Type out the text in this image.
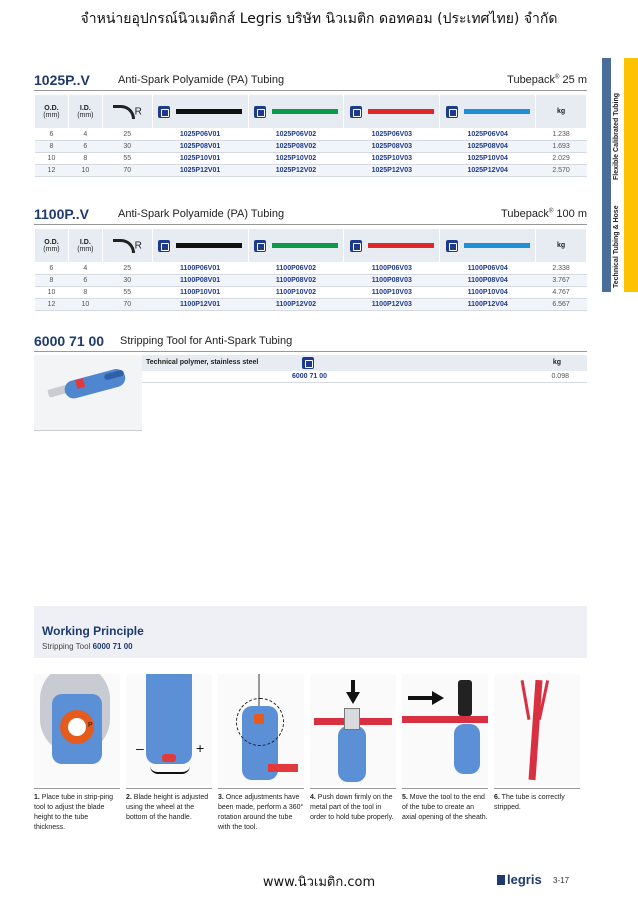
จำหน่ายอุปกรณ์นิวเมติกส์ Legris บริษัท นิวเมติก ดอทคอม (ประเทศไทย) จำกัด
Flexible Calibrated Tubing
Technical Tubing & Hose
1025P..V	Anti-Spark Polyamide (PA) Tubing	Tubepack® 25 m
O.D.
(mm)	I.D.
(mm)	R					kg

6	4	25	1025P06V01	1025P06V02	1025P06V03	1025P06V04	1.238
8	6	30	1025P08V01	1025P08V02	1025P08V03	1025P08V04	1.693
10	8	55	1025P10V01	1025P10V02	1025P10V03	1025P10V04	2.029
12	10	70	1025P12V01	1025P12V02	1025P12V03	1025P12V04	2.570
1100P..V	Anti-Spark Polyamide (PA) Tubing	Tubepack® 100 m
O.D.
(mm)	I.D.
(mm)	R					kg

6	4	25	1100P06V01	1100P06V02	1100P06V03	1100P06V04	2.338
8	6	30	1100P08V01	1100P08V02	1100P08V03	1100P08V04	3.767
10	8	55	1100P10V01	1100P10V02	1100P10V03	1100P10V04	4.767
12	10	70	1100P12V01	1100P12V02	1100P12V03	1100P12V04	6.567
6000 71 00 Stripping Tool for Anti-Spark Tubing
Technical polymer, stainless steel	kg
6000 71 00	0.098
Working Principle
Stripping Tool 6000 71 00
P
1. Place tube in strip-ping tool to adjust the blade height to the tube thickness.
–	+
2. Blade height is adjusted using the wheel at the bottom of the handle.
3. Once adjustments have been made, perform a 360° rotation around the tube with the tool.
4. Push down firmly on the metal part of the tool in order to hold tube properly.
5. Move the tool to the end of the tube to create an axial opening of the sheath.
6. The tube is correctly stripped.
www.นิวเมติก.com	legris 3-17
